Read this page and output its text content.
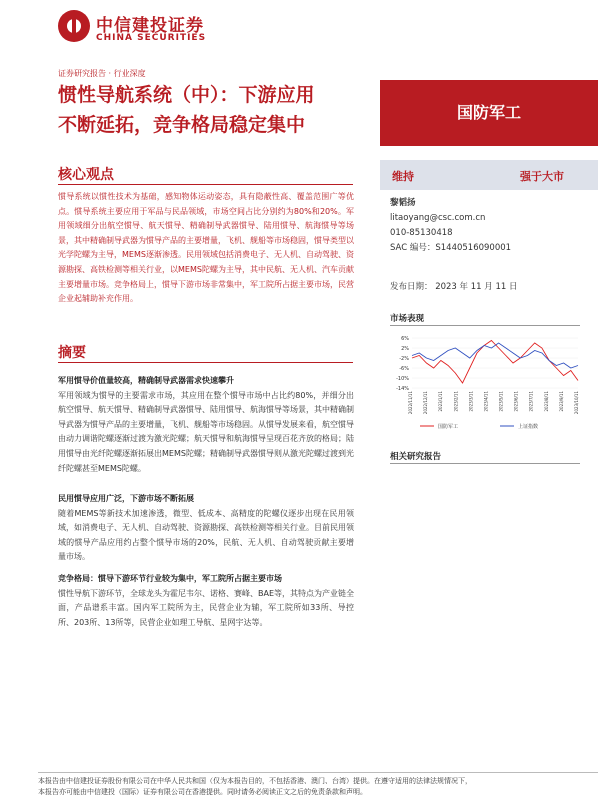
中信建投证券
CHINA SECURITIES
证券研究报告 · 行业深度
惯性导航系统（中）：下游应用
不断延拓，竞争格局稳定集中
国防军工
核心观点
惯导系统以惯性技术为基础，感知物体运动姿态，具有隐蔽性高、覆盖范围广等优点。惯导系统主要应用于军品与民品领域，市场空间占比分别约为80%和20%。军用领域细分出航空惯导、航天惯导、精确制导武器惯导、陆用惯导、航海惯导等场景，其中精确制导武器为惯导产品的主要增量，飞机、舰船等市场稳固，惯导类型以光学陀螺为主导，MEMS逐渐渗透。民用领域包括消费电子、无人机、自动驾驶、资源勘探、高铁检测等相关行业，以MEMS陀螺为主导，其中民航、无人机、汽车贡献主要增量市场。竞争格局上，惯导下游市场非常集中，军工院所占据主要市场，民营企业起辅助补充作用。
摘要
军用惯导价值量较高，精确制导武器需求快速攀升
军用领域为惯导的主要需求市场，其应用在整个惯导市场中占比约80%，并细分出航空惯导、航天惯导、精确制导武器惯导、陆用惯导、航海惯导等场景，其中精确制导武器为惯导产品的主要增量，飞机、舰船等市场稳固。从惯导发展来看，航空惯导由动力调谐陀螺逐渐过渡为激光陀螺；航天惯导和航海惯导呈现百花齐放的格局；陆用惯导由光纤陀螺逐渐拓展出MEMS陀螺；精确制导武器惯导则从激光陀螺过渡到光纤陀螺甚至MEMS陀螺。
民用惯导应用广泛，下游市场不断拓展
随着MEMS等新技术加速渗透，微型、低成本、高精度的陀螺仪逐步出现在民用领域，如消费电子、无人机、自动驾驶、资源勘探、高铁检测等相关行业。目前民用领域的惯导产品应用约占整个惯导市场的20%，民航、无人机、自动驾驶贡献主要增量市场。
竞争格局：惯导下游环节行业较为集中，军工院所占据主要市场
惯性导航下游环节，全球龙头为霍尼韦尔、诺格、赛峰、BAE等，其特点为产业链全面，产品谱系丰富。国内军工院所为主，民营企业为辅，军工院所如33所、导控所、203所、13所等，民营企业如理工导航、星网宇达等。
维持	强于大市
黎韬扬
litaoyang@csc.com.cn
010-85130418
SAC 编号：S1440516090001
发布日期： 2023 年 11 月 11 日
市场表现
6%
2%
-2%
-6%
-10%
-14%
2022/11/11	2022/12/11	2023/1/11	2023/2/11	2023/3/11	2023/4/11	2023/5/11	2023/6/11	2023/7/11	2023/8/11	2023/9/11	2023/10/11
国防军工	上证指数
相关研究报告
本报告由中信建投证券股份有限公司在中华人民共和国（仅为本报告目的，不包括香港、澳门、台湾）提供。在遵守适用的法律法规情况下，
本报告亦可能由中信建投（国际）证券有限公司在香港提供。同时请务必阅读正文之后的免责条款和声明。
